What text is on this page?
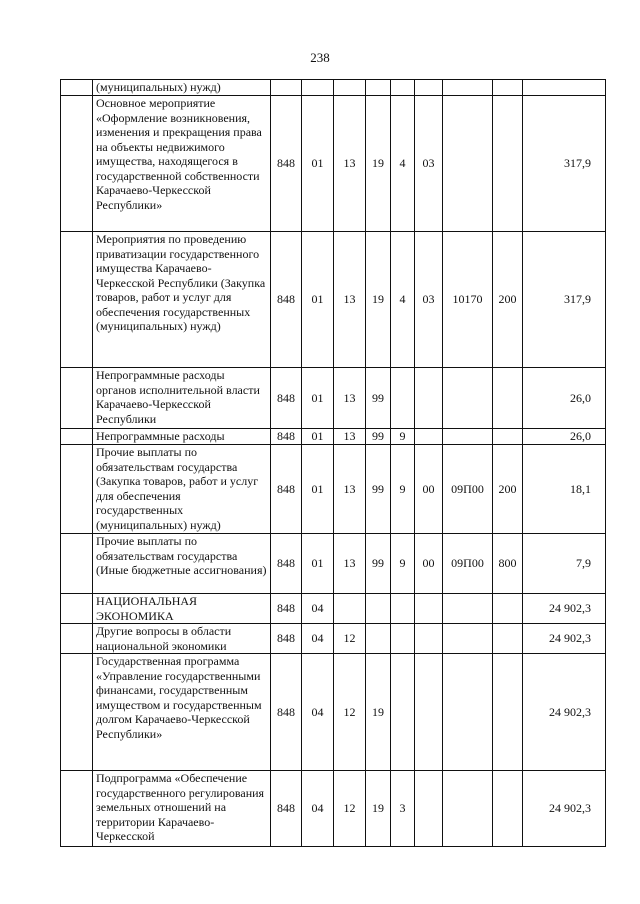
238
	(муниципальных) нужд)									
	Основное мероприятие «Оформление возникновения, изменения и прекращения права на объекты недвижимого имущества, находящегося в государственной собственности Карачаево-Черкесской Республики»	848	01	13	19	4	03			317,9
	Мероприятия по проведению приватизации государственного имущества Карачаево-Черкесской Республики (Закупка товаров, работ и услуг для обеспечения государственных (муниципальных) нужд)	848	01	13	19	4	03	10170	200	317,9
	Непрограммные расходы органов исполнительной власти Карачаево-Черкесской Республики	848	01	13	99					26,0
	Непрограммные расходы	848	01	13	99	9				26,0
	Прочие выплаты по обязательствам государства (Закупка товаров, работ и услуг для обеспечения государственных (муниципальных) нужд)	848	01	13	99	9	00	09П00	200	18,1
	Прочие выплаты по обязательствам государства (Иные бюджетные ассигнования)	848	01	13	99	9	00	09П00	800	7,9
	НАЦИОНАЛЬНАЯ ЭКОНОМИКА	848	04							24 902,3
	Другие вопросы в области национальной экономики	848	04	12						24 902,3
	Государственная программа «Управление государственными финансами, государственным имуществом и государственным долгом Карачаево-Черкесской Республики»	848	04	12	19					24 902,3
	Подпрограмма «Обеспечение государственного регулирования земельных отношений на территории Карачаево-Черкесской	848	04	12	19	3				24 902,3
